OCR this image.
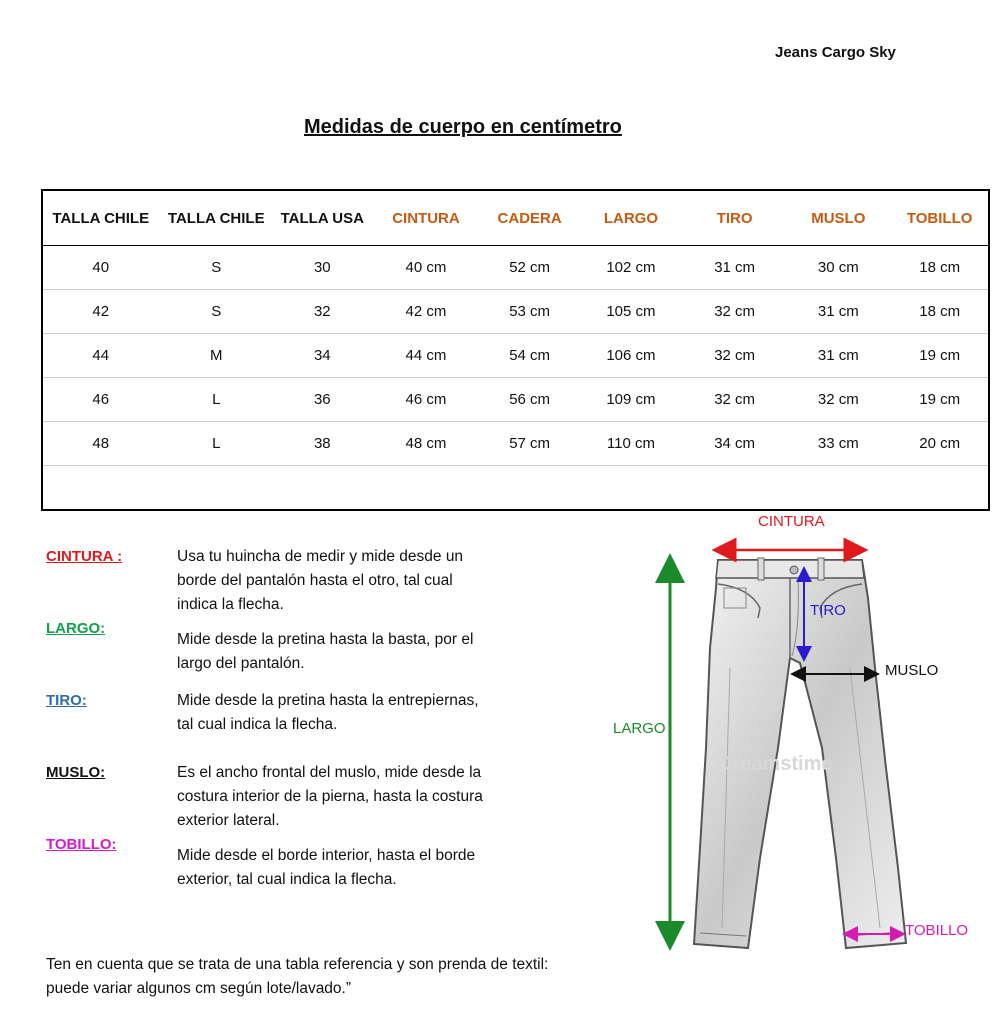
Jeans Cargo Sky
Medidas de cuerpo en centímetro
TALLA CHILE	TALLA CHILE	TALLA USA	CINTURA	CADERA	LARGO	TIRO	MUSLO	TOBILLO
40	S	30	40 cm	52 cm	102 cm	31 cm	30 cm	18 cm
42	S	32	42 cm	53 cm	105 cm	32 cm	31 cm	18 cm
44	M	34	44 cm	54 cm	106 cm	32 cm	31 cm	19 cm
46	L	36	46 cm	56 cm	109 cm	32 cm	32 cm	19 cm
48	L	38	48 cm	57 cm	110 cm	34 cm	33 cm	20 cm

CINTURA :	Usa tu huincha de medir y mide desde un borde del pantalón hasta el otro, tal cual indica la flecha.
LARGO:
Mide desde la pretina hasta la basta, por el largo del pantalón.
TIRO:	Mide desde la pretina hasta la entrepiernas, tal cual indica la flecha.
MUSLO:	Es el ancho frontal del muslo, mide desde la costura interior de la pierna, hasta la costura exterior lateral.
TOBILLO:
Mide desde el borde interior, hasta el borde exterior, tal cual indica la flecha.
Ten en cuenta que se trata de una tabla referencia y son prenda de textil: puede variar algunos cm según lote/lavado.”
Dreamstime
CINTURA
LARGO
TIRO
MUSLO
TOBILLO
